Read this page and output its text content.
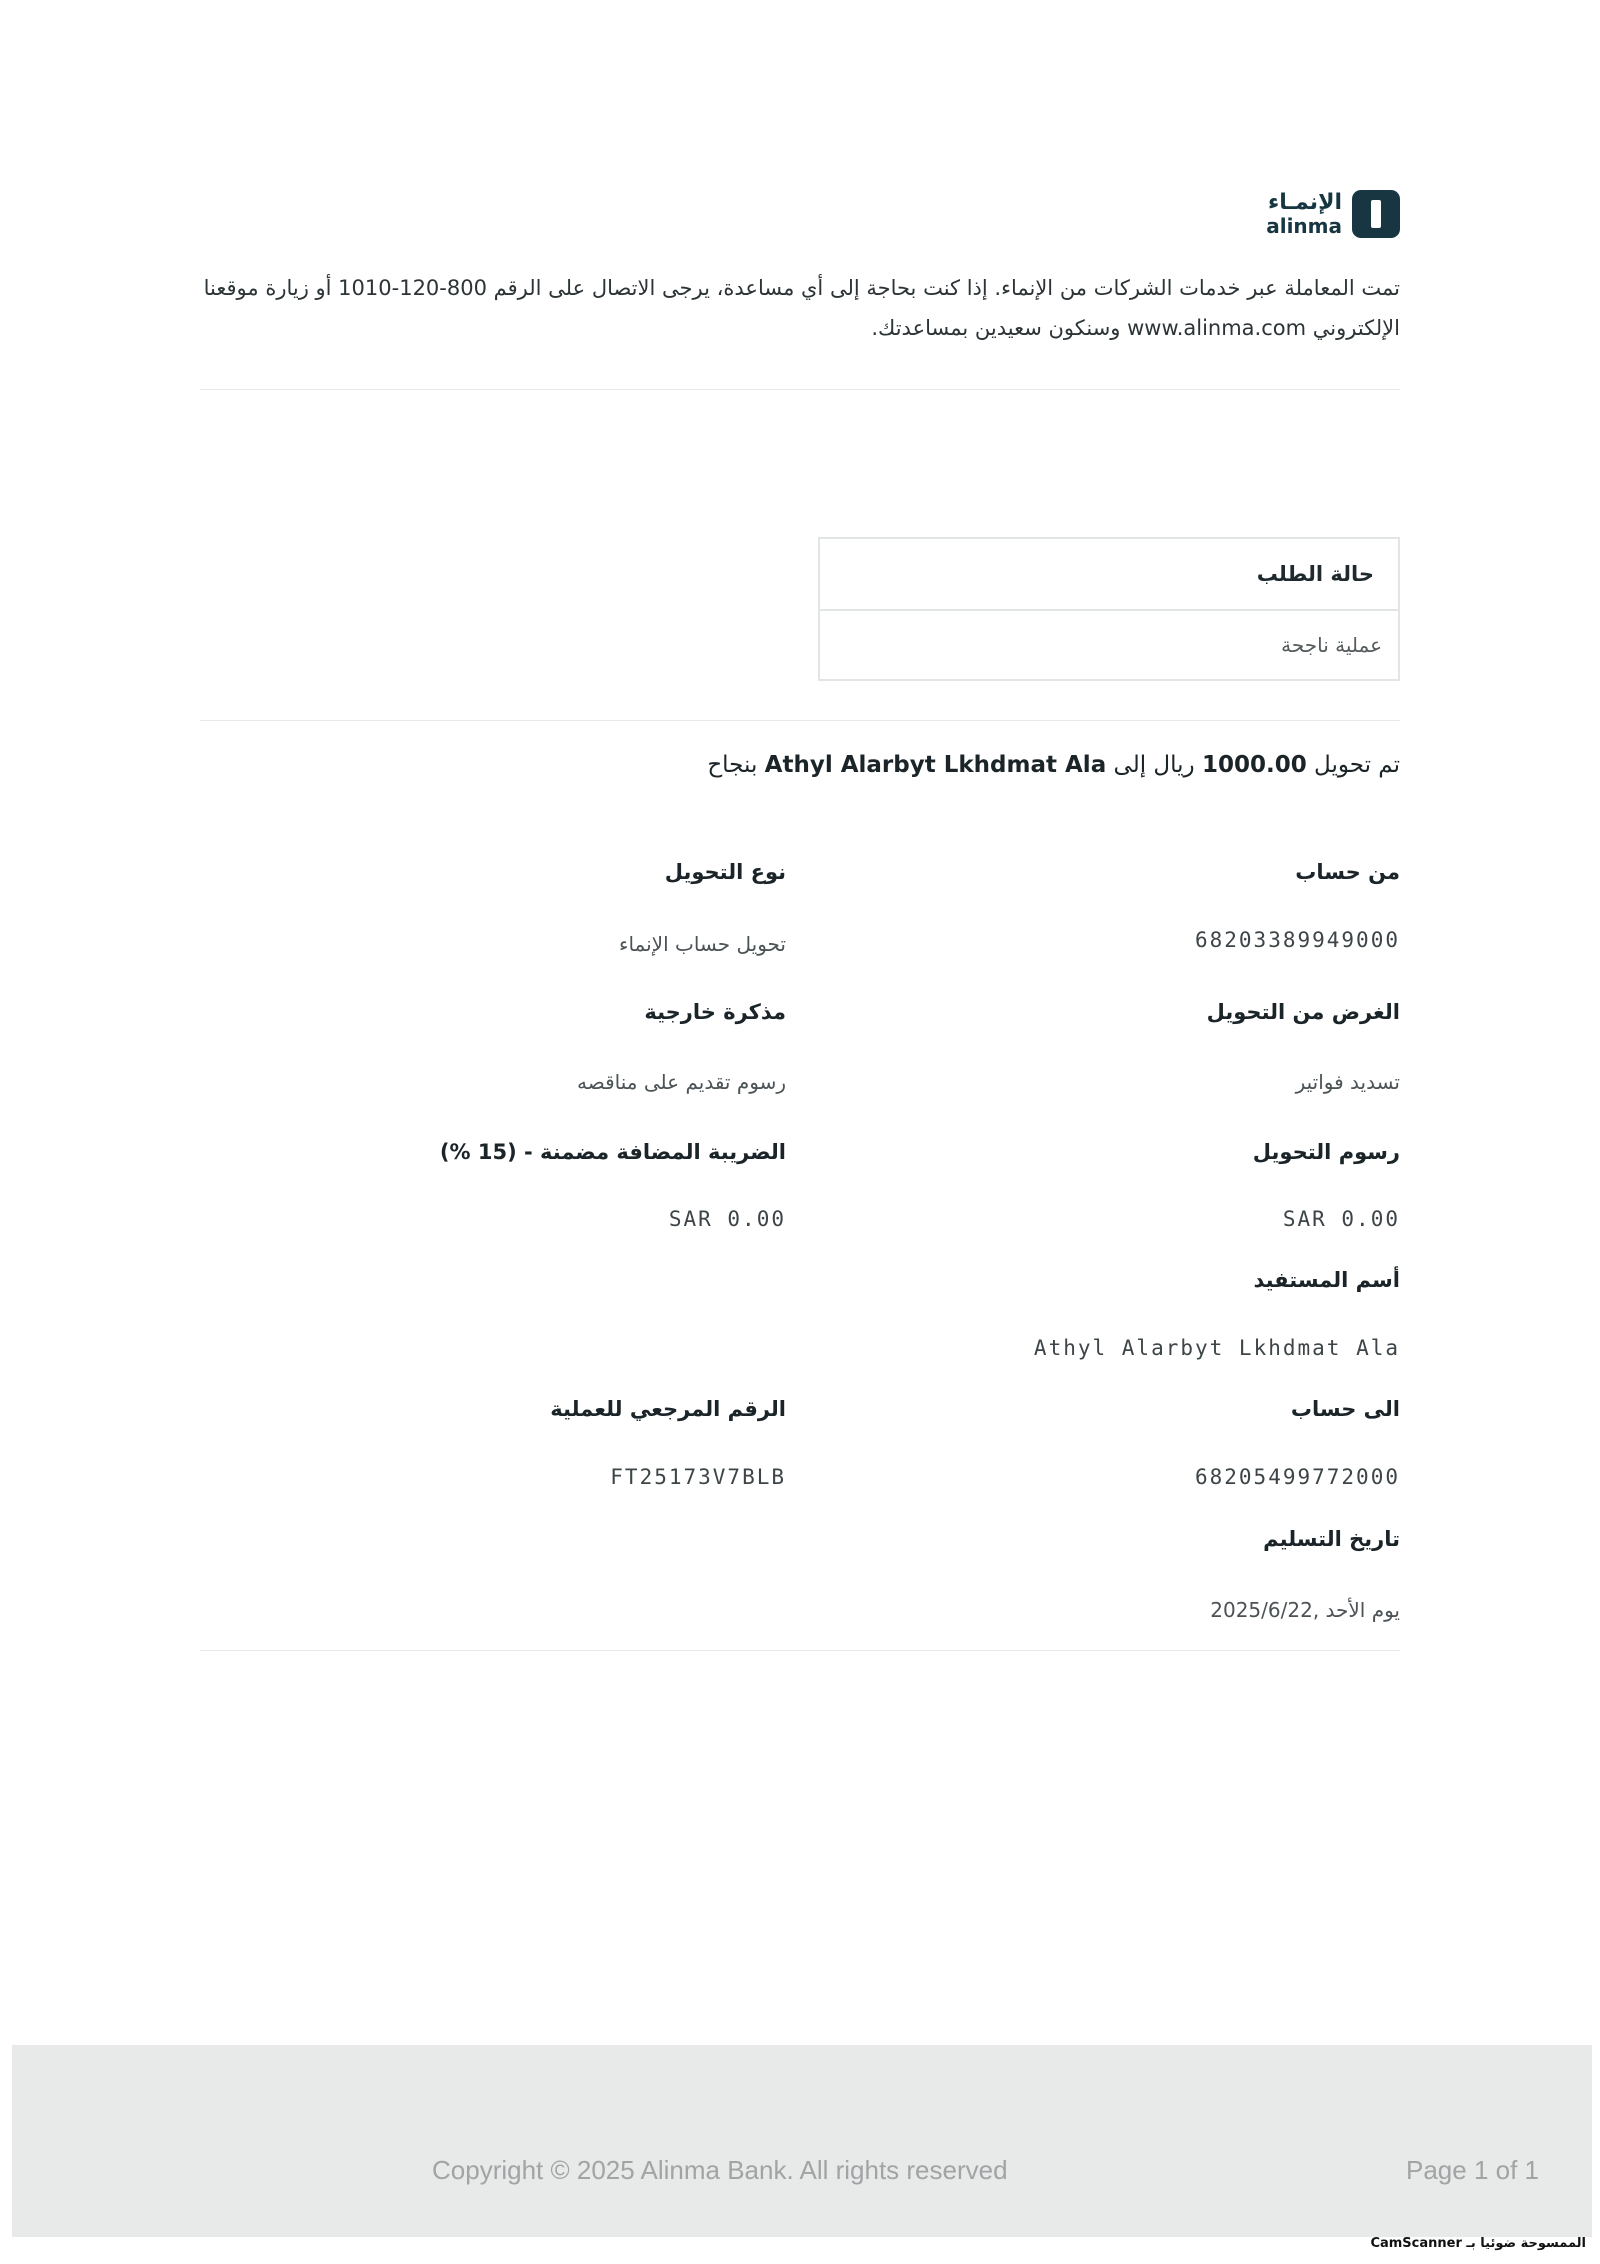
الإنمـاء
alinma
تمت المعاملة عبر خدمات الشركات من الإنماء. إذا كنت بحاجة إلى أي مساعدة، يرجى الاتصال على الرقم 800-120-1010 أو زيارة موقعنا الإلكتروني www.alinma.com وسنكون سعيدين بمساعدتك.
حالة الطلب
عملية ناجحة
تم تحويل 1000.00 ريال إلى Athyl Alarbyt Lkhdmat Ala بنجاح
من حساب
68203389949000
الغرض من التحويل
تسديد فواتير
رسوم التحويل
SAR 0.00
أسم المستفيد
Athyl Alarbyt Lkhdmat Ala
الى حساب
68205499772000
تاريخ التسليم
يوم الأحد ,2025/6/22
نوع التحويل
تحويل حساب الإنماء
مذكرة خارجية
رسوم تقديم على مناقصه
الضريبة المضافة مضمنة - (15 %)
SAR 0.00
الرقم المرجعي للعملية
FT25173V7BLB
Copyright © 2025 Alinma Bank. All rights reserved	Page 1 of 1
الممسوحة ضوئيا بـ CamScanner
